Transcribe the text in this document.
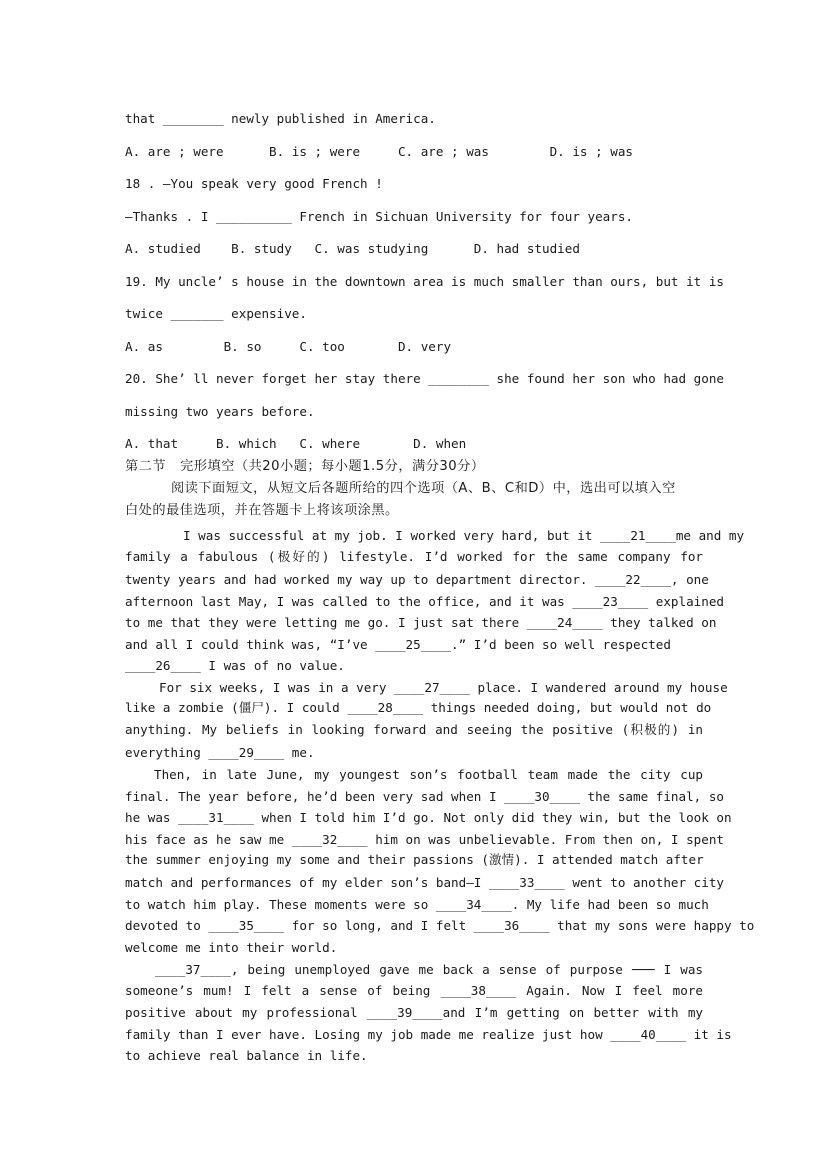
that ________ newly published in America.
A. are ; were      B. is ; were     C. are ; was        D. is ; was
18 . —You speak very good French !
—Thanks . I __________ French in Sichuan University for four years.
A. studied    B. study   C. was studying      D. had studied
19. My uncle’ s house in the downtown area is much smaller than ours, but it is
twice _______ expensive.
A. as        B. so     C. too       D. very
20. She’ ll never forget her stay there ________ she found her son who had gone
missing two years before.
A. that     B. which   C. where       D. when
第二节   完形填空（共20小题；每小题1.5分，满分30分）
阅读下面短文，从短文后各题所给的四个选项（A、B、C和D）中，选出可以填入空
白处的最佳选项，并在答题卡上将该项涂黑。
I was successful at my job. I worked very hard, but it ____21____me and my
family a fabulous (极好的) lifestyle. I’d worked for the same company for
twenty years and had worked my way up to department director. ____22____, one
afternoon last May, I was called to the office, and it was ____23____ explained
to me that they were letting me go. I just sat there ____24____ they talked on
and all I could think was, “I’ve ____25____.” I’d been so well respected
____26____ I was of no value.
For six weeks, I was in a very ____27____ place. I wandered around my house
like a zombie (僵尸). I could ____28____ things needed doing, but would not do
anything. My beliefs in looking forward and seeing the positive (积极的) in
everything ____29____ me.
Then, in late June, my youngest son’s football team made the city cup
final. The year before, he’d been very sad when I ____30____ the same final, so
he was ____31____ when I told him I’d go. Not only did they win, but the look on
his face as he saw me ____32____ him on was unbelievable. From then on, I spent
the summer enjoying my some and their passions (激情). I attended match after
match and performances of my elder son’s band—I ____33____ went to another city
to watch him play. These moments were so ____34____. My life had been so much
devoted to ____35____ for so long, and I felt ____36____ that my sons were happy to
welcome me into their world.
____37____, being unemployed gave me back a sense of purpose ─── I was
someone’s mum! I felt a sense of being ____38____ Again. Now I feel more
positive about my professional ____39____and I’m getting on better with my
family than I ever have. Losing my job made me realize just how ____40____ it is
to achieve real balance in life.
